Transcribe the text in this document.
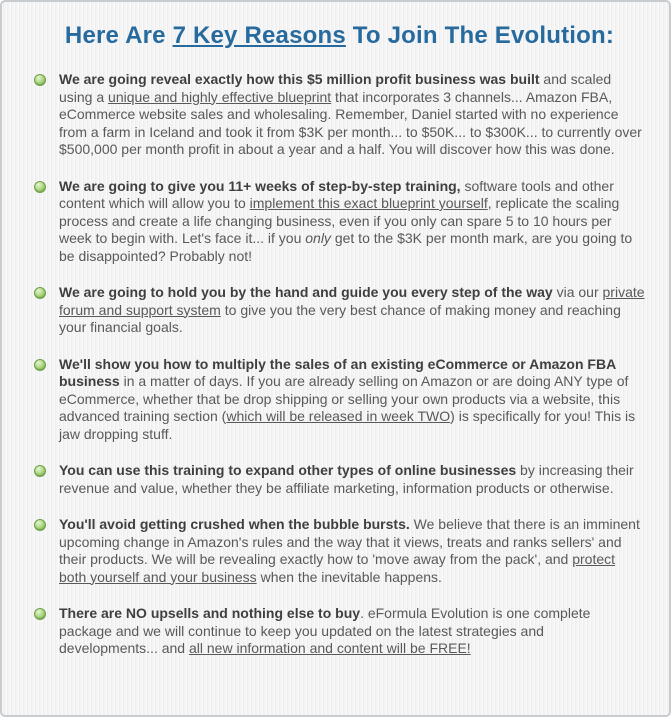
Here Are 7 Key Reasons To Join The Evolution:
We are going reveal exactly how this $5 million profit business was built and scaled using a unique and highly effective blueprint that incorporates 3 channels... Amazon FBA, eCommerce website sales and wholesaling. Remember, Daniel started with no experience from a farm in Iceland and took it from $3K per month... to $50K... to $300K... to currently over $500,000 per month profit in about a year and a half. You will discover how this was done.
We are going to give you 11+ weeks of step-by-step training, software tools and other content which will allow you to implement this exact blueprint yourself, replicate the scaling process and create a life changing business, even if you only can spare 5 to 10 hours per week to begin with. Let's face it... if you only get to the $3K per month mark, are you going to be disappointed? Probably not!
We are going to hold you by the hand and guide you every step of the way via our private forum and support system to give you the very best chance of making money and reaching your financial goals.
We'll show you how to multiply the sales of an existing eCommerce or Amazon FBA business in a matter of days. If you are already selling on Amazon or are doing ANY type of eCommerce, whether that be drop shipping or selling your own products via a website, this advanced training section (which will be released in week TWO) is specifically for you! This is jaw dropping stuff.
You can use this training to expand other types of online businesses by increasing their revenue and value, whether they be affiliate marketing, information products or otherwise.
You'll avoid getting crushed when the bubble bursts. We believe that there is an imminent upcoming change in Amazon's rules and the way that it views, treats and ranks sellers' and their products. We will be revealing exactly how to 'move away from the pack', and protect both yourself and your business when the inevitable happens.
There are NO upsells and nothing else to buy. eFormula Evolution is one complete package and we will continue to keep you updated on the latest strategies and developments... and all new information and content will be FREE!
